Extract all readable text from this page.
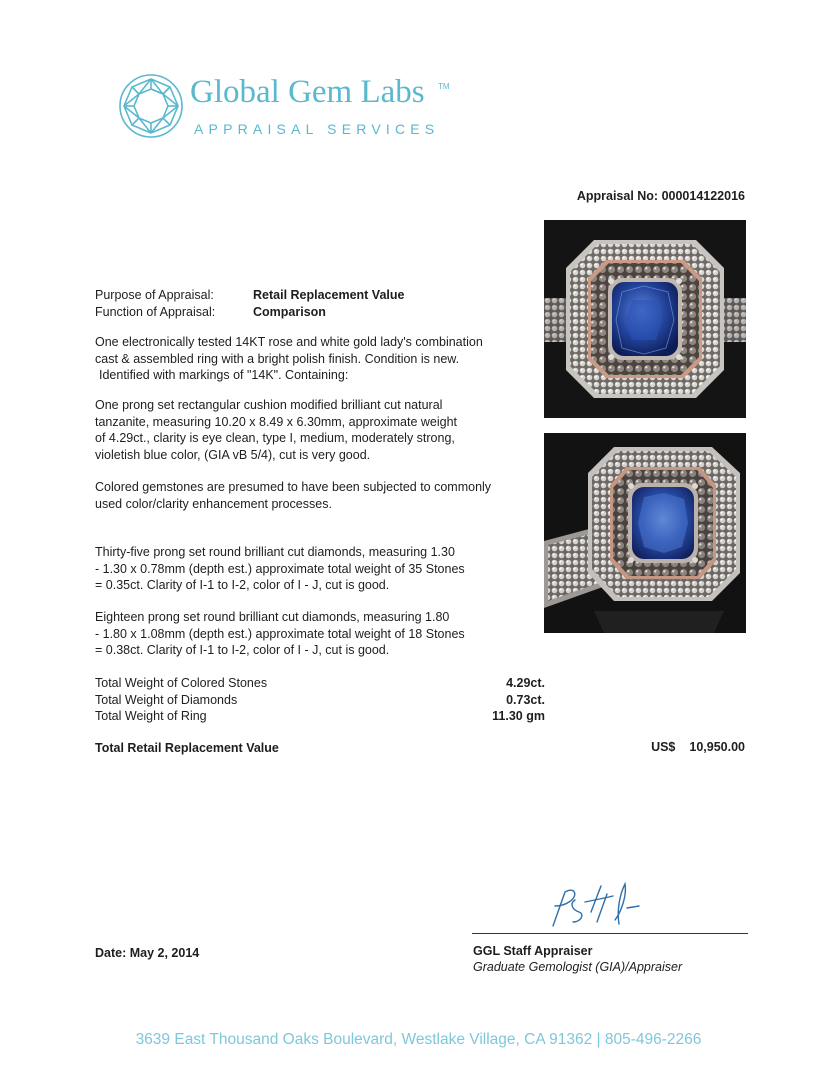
Global Gem Labs TM
APPRAISAL SERVICES
Appraisal No: 000014122016
Purpose of Appraisal:	Retail Replacement Value
Function of Appraisal:	Comparison
One electronically tested 14KT rose and white gold lady's combination
cast & assembled ring with a bright polish finish. Condition is new.
Identified with markings of "14K". Containing:
One prong set rectangular cushion modified brilliant cut natural
tanzanite, measuring 10.20 x 8.49 x 6.30mm, approximate weight
of 4.29ct., clarity is eye clean, type I, medium, moderately strong,
violetish blue color, (GIA vB 5/4), cut is very good.
Colored gemstones are presumed to have been subjected to commonly
used color/clarity enhancement processes.
Thirty-five prong set round brilliant cut diamonds, measuring 1.30
- 1.30 x 0.78mm (depth est.) approximate total weight of 35 Stones
= 0.35ct. Clarity of I-1 to I-2, color of I - J, cut is good.
Eighteen prong set round brilliant cut diamonds, measuring 1.80
- 1.80 x 1.08mm (depth est.) approximate total weight of 18 Stones
= 0.38ct. Clarity of I-1 to I-2, color of I - J, cut is good.
Total Weight of Colored Stones	4.29ct.
Total Weight of Diamonds	0.73ct.
Total Weight of Ring	11.30 gm
Total Retail Replacement Value	US$ 10,950.00
Date: May 2, 2014	GGL Staff Appraiser
Graduate Gemologist (GIA)/Appraiser
3639 East Thousand Oaks Boulevard, Westlake Village, CA 91362 | 805-496-2266
